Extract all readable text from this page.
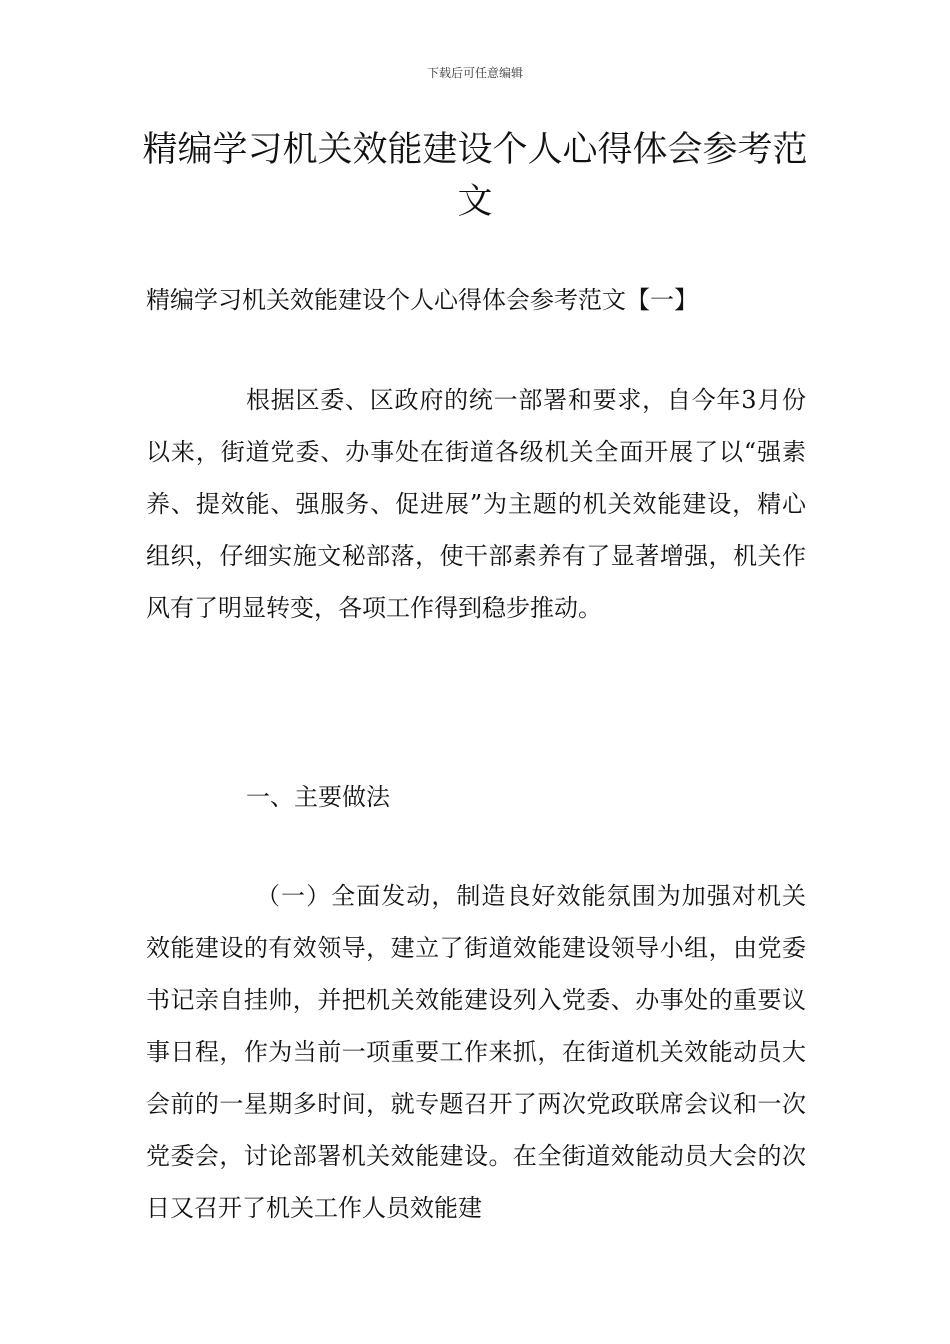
下载后可任意编辑
精编学习机关效能建设个人心得体会参考范文
精编学习机关效能建设个人心得体会参考范文【一】

根据区委、区政府的统一部署和要求，自今年3月份以来，街道党委、办事处在街道各级机关全面开展了以“强素养、提效能、强服务、促进展”为主题的机关效能建设，精心组织，仔细实施文秘部落，使干部素养有了显著增强，机关作风有了明显转变，各项工作得到稳步推动。

一、主要做法

（一）全面发动，制造良好效能氛围为加强对机关效能建设的有效领导，建立了街道效能建设领导小组，由党委书记亲自挂帅，并把机关效能建设列入党委、办事处的重要议事日程，作为当前一项重要工作来抓，在街道机关效能动员大会前的一星期多时间，就专题召开了两次党政联席会议和一次党委会，讨论部署机关效能建设。在全街道效能动员大会的次日又召开了机关工作人员效能建
